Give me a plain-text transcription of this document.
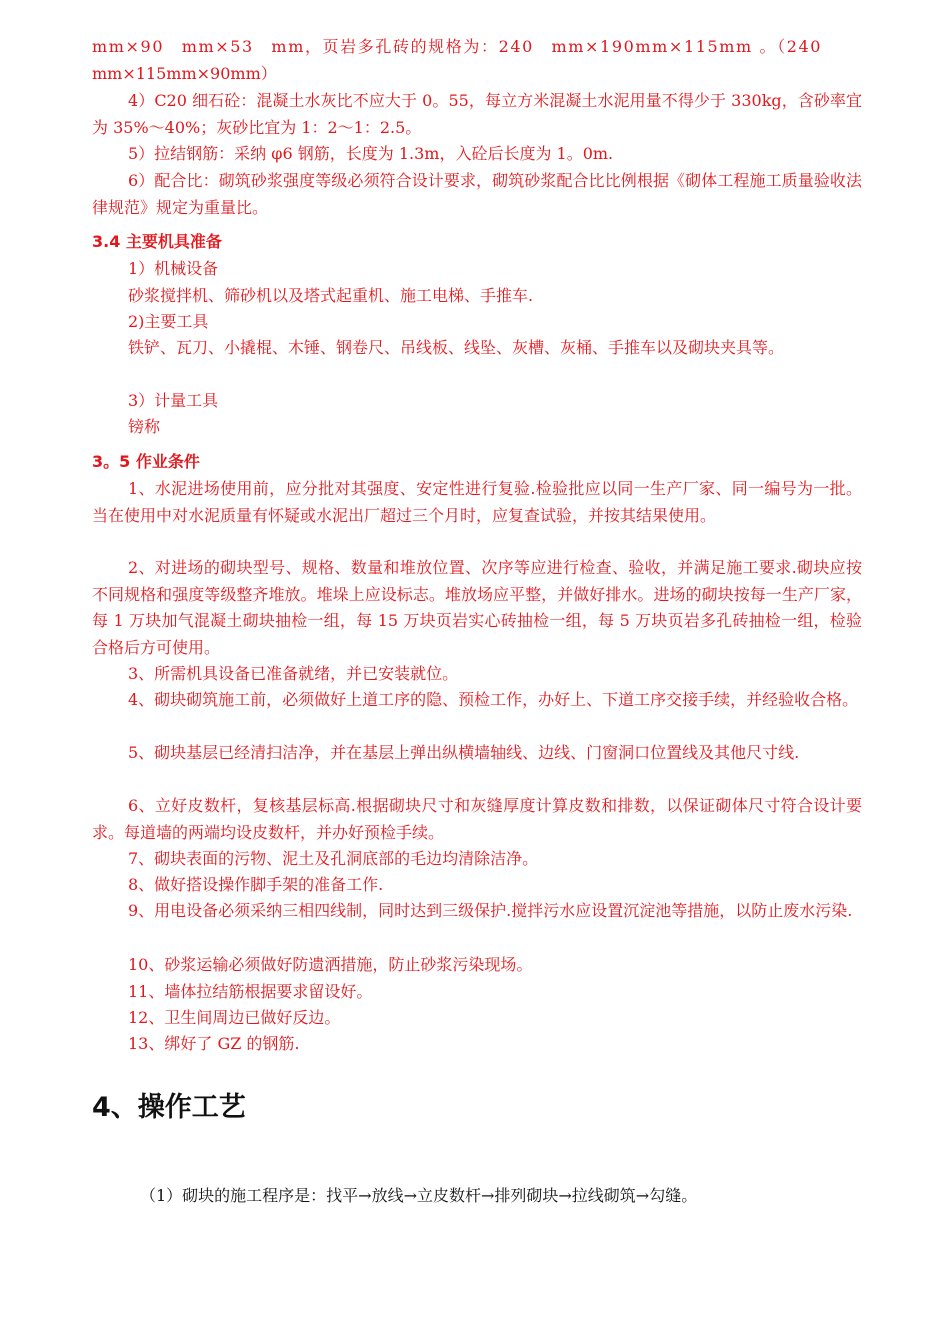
mm×90　mm×53　mm，页岩多孔砖的规格为：240　mm×190mm×115mm 。（240

mm×115mm×90mm）

4）C20 细石砼：混凝土水灰比不应大于 0。55，每立方米混凝土水泥用量不得少于 330kg，含砂率宜为 35%～40%；灰砂比宜为 1：2～1：2.5。

5）拉结钢筋：采纳 φ6 钢筋，长度为 1.3m，入砼后长度为 1。0m.

6）配合比：砌筑砂浆强度等级必须符合设计要求，砌筑砂浆配合比比例根据《砌体工程施工质量验收法律规范》规定为重量比。

3.4 主要机具准备

1）机械设备

砂浆搅拌机、筛砂机以及塔式起重机、施工电梯、手推车.

2)主要工具

铁铲、瓦刀、小撬棍、木锤、钢卷尺、吊线板、线坠、灰槽、灰桶、手推车以及砌块夹具等。

3）计量工具

镑称

3。5 作业条件

1、水泥进场使用前，应分批对其强度、安定性进行复验.检验批应以同一生产厂家、同一编号为一批。当在使用中对水泥质量有怀疑或水泥出厂超过三个月时，应复查试验，并按其结果使用。

2、对进场的砌块型号、规格、数量和堆放位置、次序等应进行检查、验收，并满足施工要求.砌块应按不同规格和强度等级整齐堆放。堆垛上应设标志。堆放场应平整，并做好排水。进场的砌块按每一生产厂家，每 1 万块加气混凝土砌块抽检一组，每 15 万块页岩实心砖抽检一组，每 5 万块页岩多孔砖抽检一组，检验合格后方可使用。

3、所需机具设备已准备就绪，并已安装就位。

4、砌块砌筑施工前，必须做好上道工序的隐、预检工作，办好上、下道工序交接手续，并经验收合格。

5、砌块基层已经清扫洁净，并在基层上弹出纵横墙轴线、边线、门窗洞口位置线及其他尺寸线.

6、立好皮数杆，复核基层标高.根据砌块尺寸和灰缝厚度计算皮数和排数，以保证砌体尺寸符合设计要求。每道墙的两端均设皮数杆，并办好预检手续。

7、砌块表面的污物、泥土及孔洞底部的毛边均清除洁净。

8、做好搭设操作脚手架的准备工作.

9、用电设备必须采纳三相四线制，同时达到三级保护.搅拌污水应设置沉淀池等措施，以防止废水污染.

10、砂浆运输必须做好防遗洒措施，防止砂浆污染现场。

11、墙体拉结筋根据要求留设好。

12、卫生间周边已做好反边。

13、绑好了 GZ 的钢筋.

4、操作工艺

（1）砌块的施工程序是：找平→放线→立皮数杆→排列砌块→拉线砌筑→勾缝。
